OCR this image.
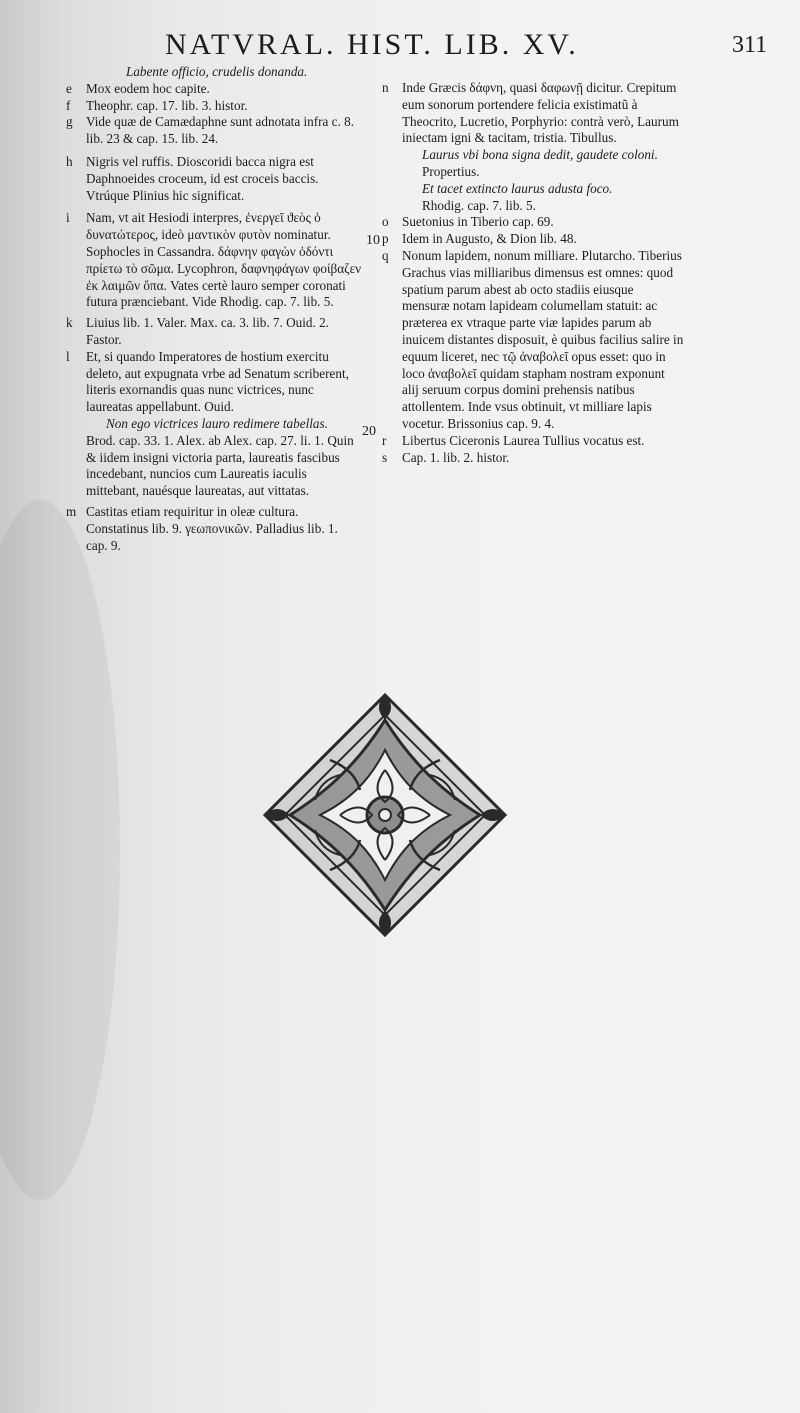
NATVRAL. HIST. LIB. XV.	311
Labente officio, crudelis donanda.
e	Mox eodem hoc capite.
f	Theophr. cap. 17. lib. 3. histor.
g	Vide quæ de Camædaphne sunt adnotata infra c. 8. lib. 23 & cap. 15. lib. 24.
h	Nigris vel ruffis. Dioscoridi bacca nigra est Daphnoeides croceum, id est croceis baccis. Vtrúque Plinius hic significat.
i	Nam, vt ait Hesiodi interpres, ἐνεργεῖ ϑεὸς ὁ δυνατώτερος, ideò μαντικὸν φυτὸν nominatur. Sophocles in Cassandra. δάφνην φαγὼν ὀδόντι πρίετω τὸ σῶμα. Lycophron, δαφνηφάγων φοίβαζεν ἐκ λαιμῶν ὄπα. Vates certè lauro semper coronati futura prænciebant. Vide Rhodig. cap. 7. lib. 5.
k	Liuius lib. 1. Valer. Max. ca. 3. lib. 7. Ouid. 2. Fastor.
l	Et, si quando Imperatores de hostium exercitu deleto, aut expugnata vrbe ad Senatum scriberent, literis exornandis quas nunc victrices, nunc laureatas appellabunt. Ouid.
Non ego victrices lauro redimere tabellas.
Brod. cap. 33. 1. Alex. ab Alex. cap. 27. li. 1. Quin & iidem insigni victoria parta, laureatis fascibus incedebant, nuncios cum Laureatis iaculis mittebant, nauésque laureatas, aut vittatas.
m Castitas etiam requiritur in oleæ cultura. Constatinus lib. 9. γεωπονικῶν. Palladius lib. 1. cap. 9.
10
20
n	Inde Græcis δάφνη, quasi δαφωνῇ dicitur. Crepitum eum sonorum portendere felicia existimatũ à Theocrito, Lucretio, Porphyrio: contrà verò, Laurum iniectam igni & tacitam, tristia. Tibullus.
Laurus vbi bona signa dedit, gaudete coloni.
Propertius.
Et tacet extincto laurus adusta foco.
Rhodig. cap. 7. lib. 5.
o	Suetonius in Tiberio cap. 69.
p	Idem in Augusto, & Dion lib. 48.
q	Nonum lapidem, nonum milliare. Plutarcho. Tiberius Grachus vias milliaribus dimensus est omnes: quod spatium parum abest ab octo stadiis eiusque mensuræ notam lapideam columellam statuit: ac præterea ex vtraque parte viæ lapides parum ab inuicem distantes disposuit, è quibus facilius salire in equum liceret, nec τῷ ἀναβολεῖ opus esset: quo in loco ἀναβολεῖ quidam stapham nostram exponunt alij seruum corpus domini prehensis natibus attollentem. Inde vsus obtinuit, vt milliare lapis vocetur. Brissonius cap. 9. 4.
r	Libertus Ciceronis Laurea Tullius vocatus est.
s	Cap. 1. lib. 2. histor.
